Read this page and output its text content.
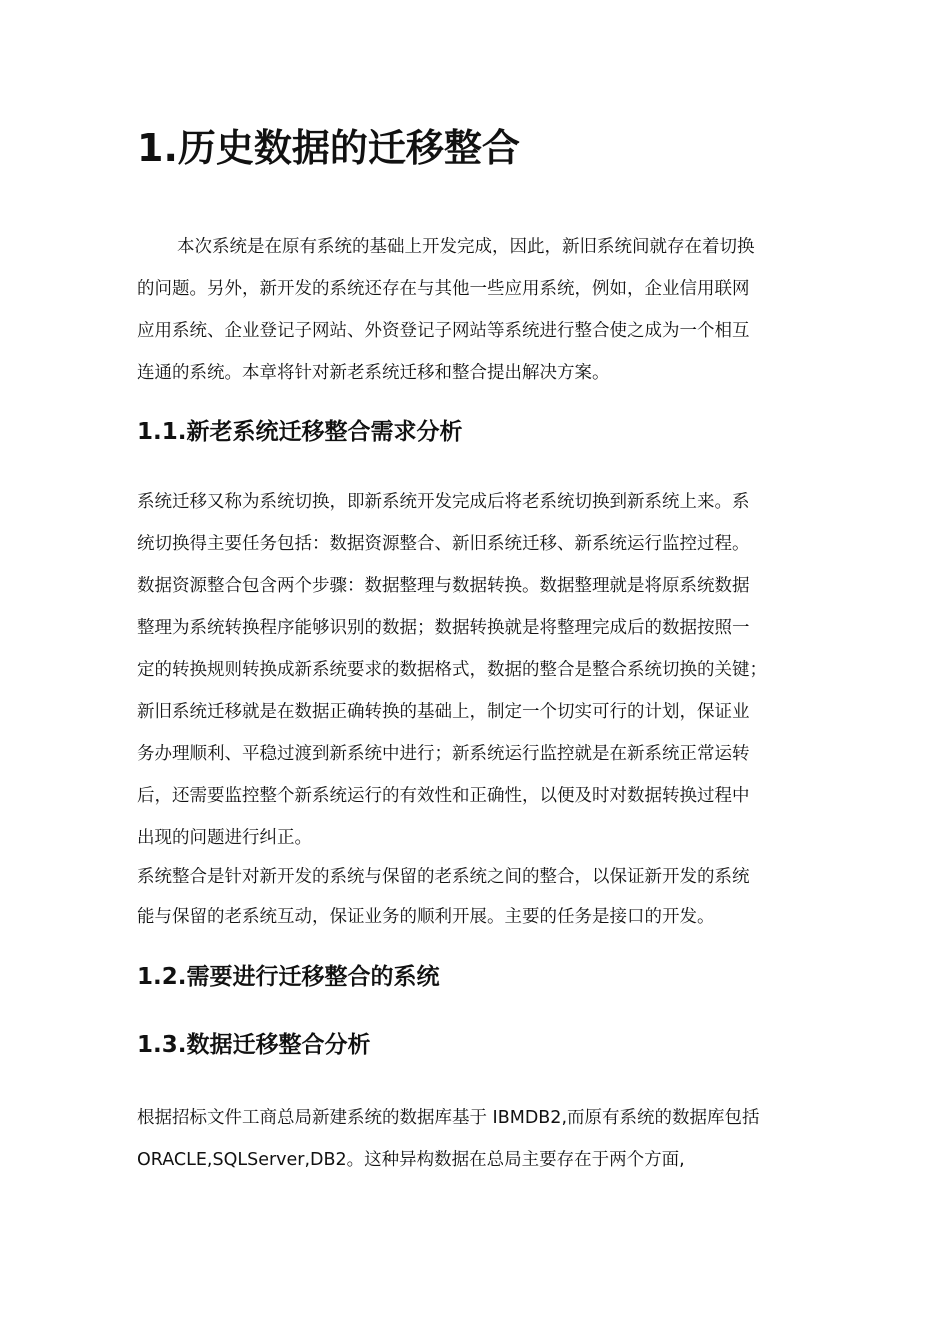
1.历史数据的迁移整合

本次系统是在原有系统的基础上开发完成，因此，新旧系统间就存在着切换

的问题。另外，新开发的系统还存在与其他一些应用系统，例如，企业信用联网

应用系统、企业登记子网站、外资登记子网站等系统进行整合使之成为一个相互

连通的系统。本章将针对新老系统迁移和整合提出解决方案。

1.1.新老系统迁移整合需求分析

系统迁移又称为系统切换，即新系统开发完成后将老系统切换到新系统上来。系

统切换得主要任务包括：数据资源整合、新旧系统迁移、新系统运行监控过程。

数据资源整合包含两个步骤：数据整理与数据转换。数据整理就是将原系统数据

整理为系统转换程序能够识别的数据；数据转换就是将整理完成后的数据按照一

定的转换规则转换成新系统要求的数据格式，数据的整合是整合系统切换的关键；

新旧系统迁移就是在数据正确转换的基础上，制定一个切实可行的计划，保证业

务办理顺利、平稳过渡到新系统中进行；新系统运行监控就是在新系统正常运转

后，还需要监控整个新系统运行的有效性和正确性，以便及时对数据转换过程中

出现的问题进行纠正。

系统整合是针对新开发的系统与保留的老系统之间的整合，以保证新开发的系统

能与保留的老系统互动，保证业务的顺利开展。主要的任务是接口的开发。

1.2.需要进行迁移整合的系统
1.3.数据迁移整合分析

根据招标文件工商总局新建系统的数据库基于 IBMDB2,而原有系统的数据库包括

ORACLE,SQLServer,DB2。这种异构数据在总局主要存在于两个方面,
